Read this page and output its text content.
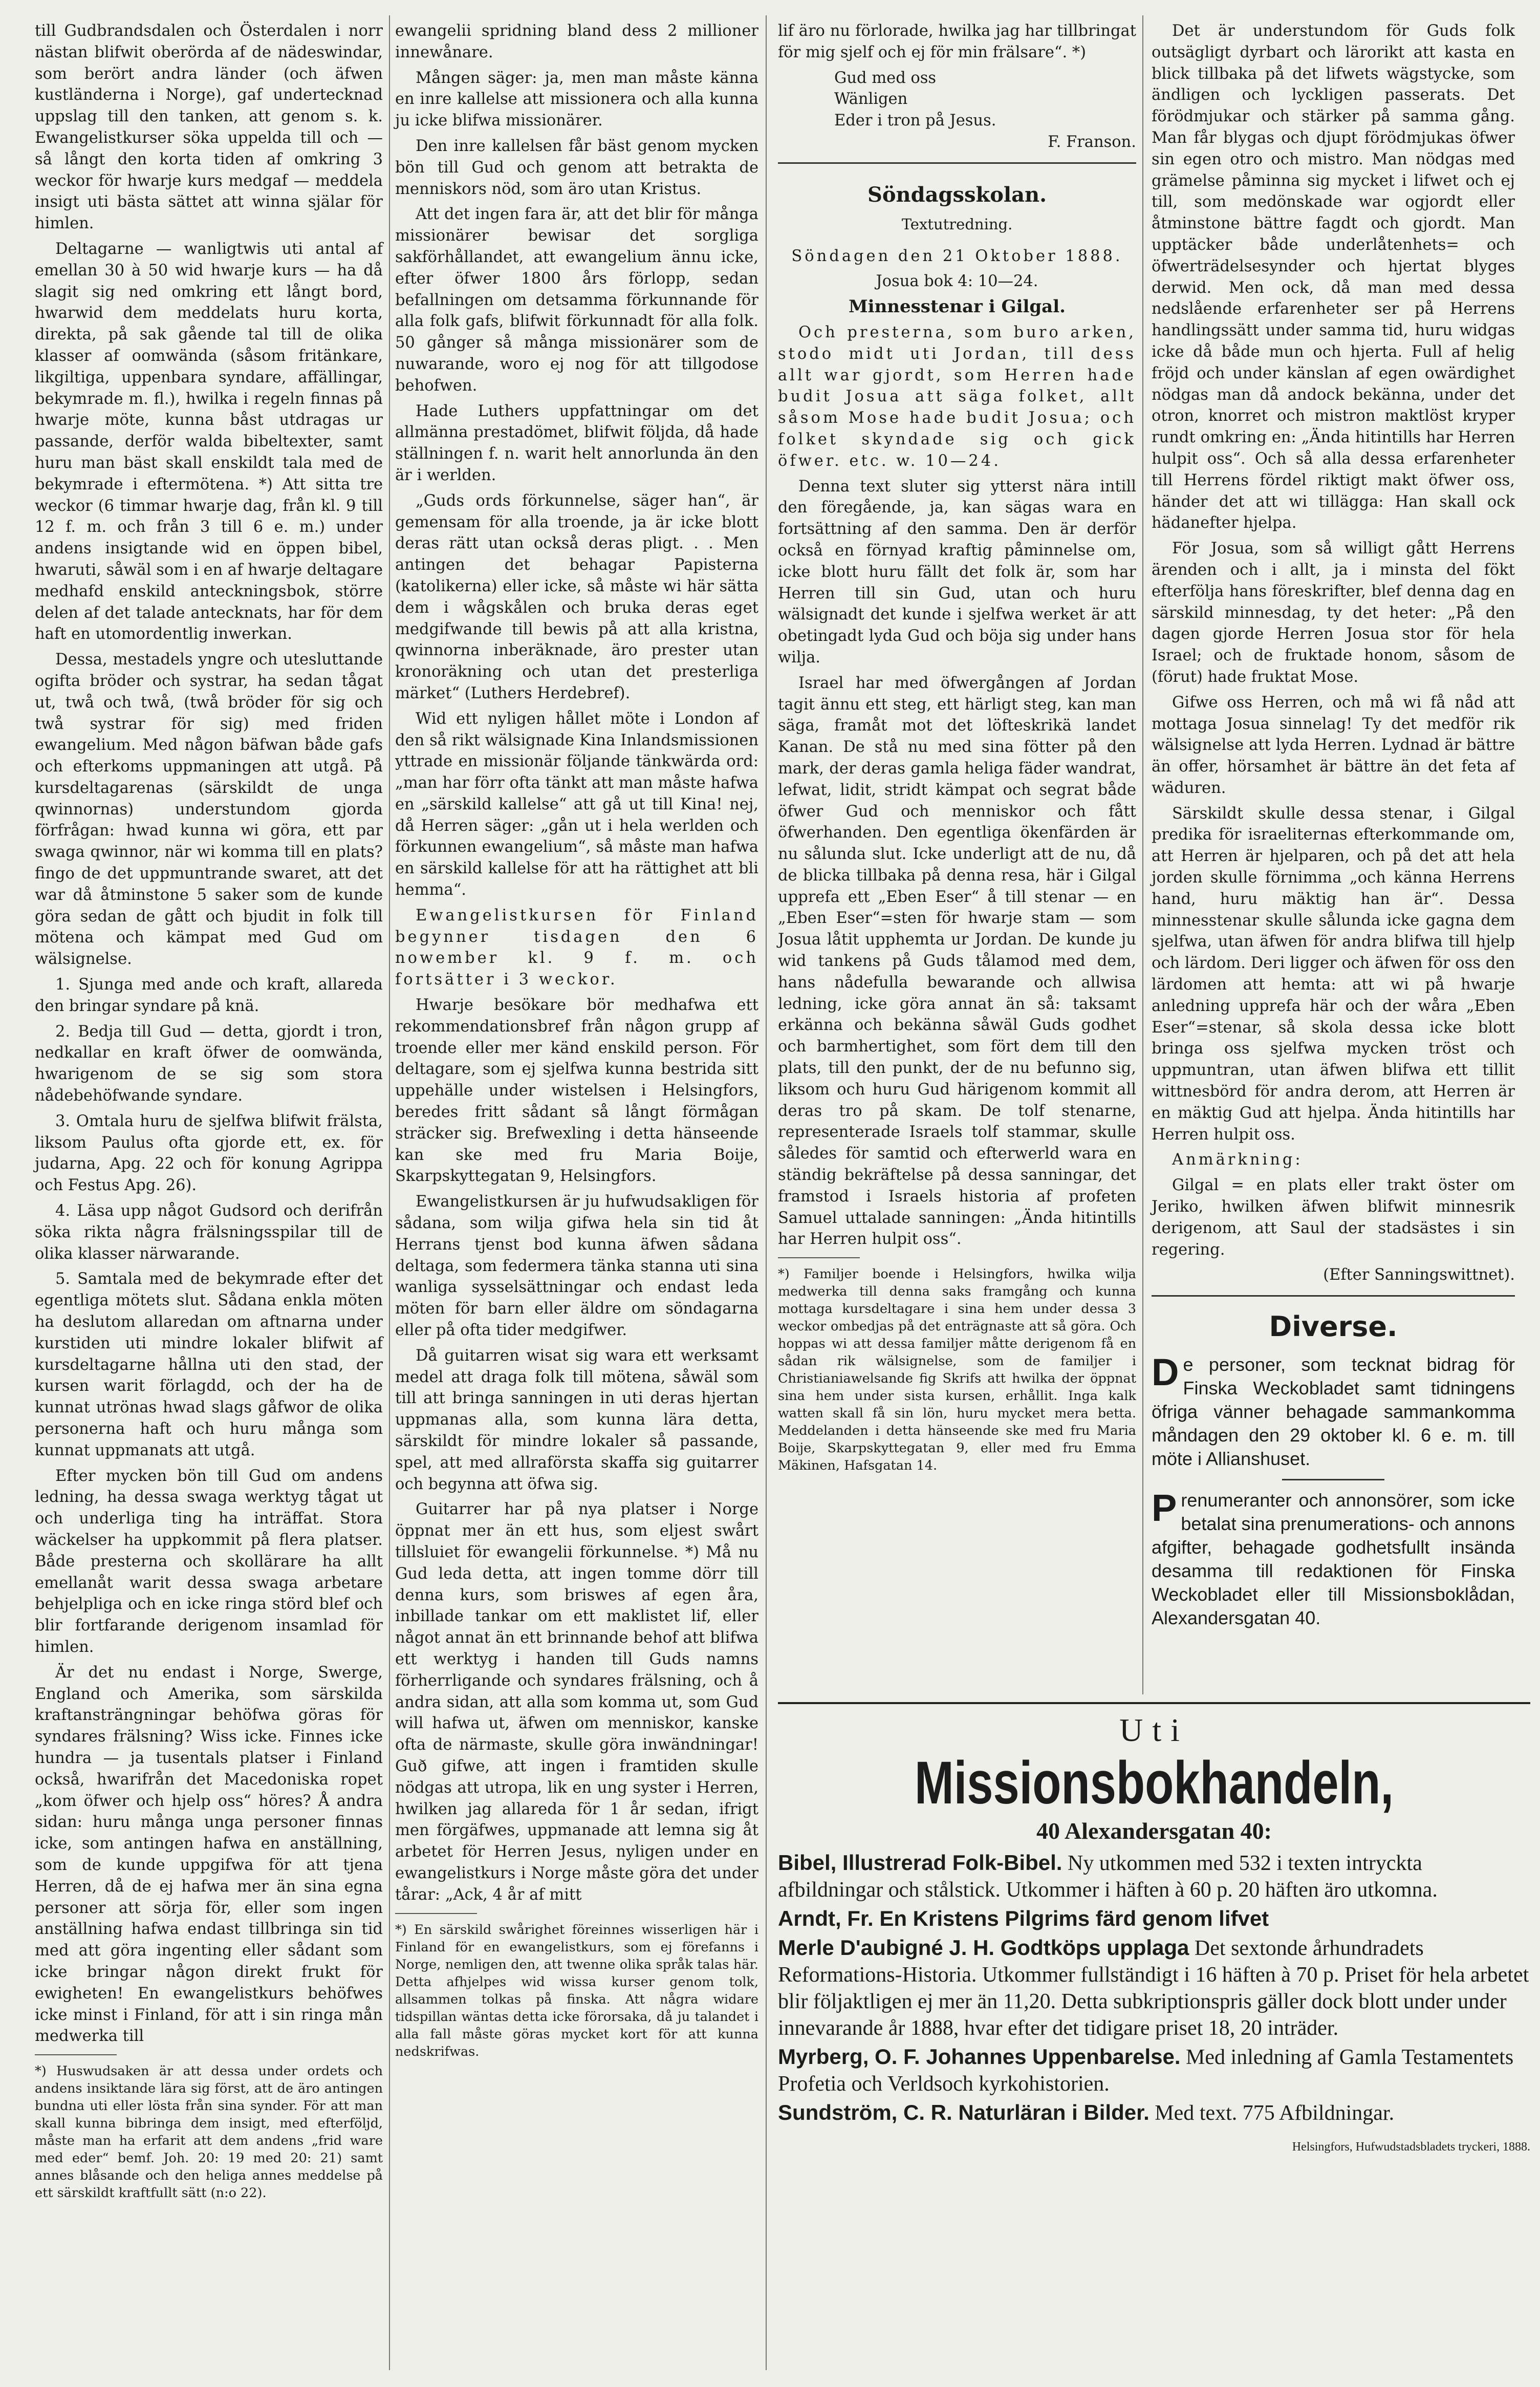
till Gudbrandsdalen och Österdalen i norr nästan blifwit oberörda af de nädeswindar, som berört andra länder (och äfwen kustländerna i Norge), gaf undertecknad uppslag till den tanken, att genom s. k. Ewangelistkurser söka uppelda till och — så långt den korta tiden af omkring 3 weckor för hwarje kurs medgaf — meddela insigt uti bästa sättet att winna själar för himlen.

Deltagarne — wanligtwis uti antal af emellan 30 à 50 wid hwarje kurs — ha då slagit sig ned omkring ett långt bord, hwarwid dem meddelats huru korta, direkta, på sak gående tal till de olika klasser af oomwända (såsom fritänkare, likgiltiga, uppenbara syndare, affällingar, bekymrade m. fl.), hwilka i regeln finnas på hwarje möte, kunna båst utdragas ur passande, derför walda bibeltexter, samt huru man bäst skall enskildt tala med de bekymrade i eftermötena. *) Att sitta tre weckor (6 timmar hwarje dag, från kl. 9 till 12 f. m. och från 3 till 6 e. m.) under andens insigtande wid en öppen bibel, hwaruti, såwäl som i en af hwarje deltagare medhafd enskild anteckningsbok, större delen af det talade antecknats, har för dem haft en utomordentlig inwerkan.

Dessa, mestadels yngre och utesluttande ogifta bröder och systrar, ha sedan tågat ut, twå och twå, (twå bröder för sig och twå systrar för sig) med friden ewangelium. Med någon bäfwan både gafs och efterkoms uppmaningen att utgå. På kursdeltagarenas (särskildt de unga qwinnornas) understundom gjorda förfrågan: hwad kunna wi göra, ett par swaga qwinnor, när wi komma till en plats? fingo de det uppmuntrande swaret, att det war då åtminstone 5 saker som de kunde göra sedan de gått och bjudit in folk till mötena och kämpat med Gud om wälsignelse.

1. Sjunga med ande och kraft, allareda den bringar syndare på knä.

2. Bedja till Gud — detta, gjordt i tron, nedkallar en kraft öfwer de oomwända, hwarigenom de se sig som stora nådebehöfwande syndare.

3. Omtala huru de sjelfwa blifwit frälsta, liksom Paulus ofta gjorde ett, ex. för judarna, Apg. 22 och för konung Agrippa och Festus Apg. 26).

4. Läsa upp något Gudsord och derifrån söka rikta några frälsningsspilar till de olika klasser närwarande.

5. Samtala med de bekymrade efter det egentliga mötets slut. Sådana enkla möten ha deslutom allaredan om aftnarna under kurstiden uti mindre lokaler blifwit af kursdeltagarne hållna uti den stad, der kursen warit förlagdd, och der ha de kunnat utrönas hwad slags gåfwor de olika personerna haft och huru många som kunnat uppmanats att utgå.

Efter mycken bön till Gud om andens ledning, ha dessa swaga werktyg tågat ut och underliga ting ha inträffat. Stora wäckelser ha uppkommit på flera platser. Både presterna och skollärare ha allt emellanåt warit dessa swaga arbetare behjelpliga och en icke ringa störd blef och blir fortfarande derigenom insamlad för himlen.

Är det nu endast i Norge, Swerge, England och Amerika, som särskilda kraftansträngningar behöfwa göras för syndares frälsning? Wiss icke. Finnes icke hundra — ja tusentals platser i Finland också, hwarifrån det Macedoniska ropet „kom öfwer och hjelp oss“ höres? Å andra sidan: huru många unga personer finnas icke, som antingen hafwa en anställning, som de kunde uppgifwa för att tjena Herren, då de ej hafwa mer än sina egna personer att sörja för, eller som ingen anställning hafwa endast tillbringa sin tid med att göra ingenting eller sådant som icke bringar någon direkt frukt för ewigheten! En ewangelistkurs behöfwes icke minst i Finland, för att i sin ringa mån medwerka till

*) Huswudsaken är att dessa under ordets och andens insiktande lära sig först, att de äro antingen bundna uti eller lösta från sina synder. För att man skall kunna bibringa dem insigt, med efterföljd, måste man ha erfarit att dem andens „frid ware med eder“ bemf. Joh. 20: 19 med 20: 21) samt annes blåsande och den heliga annes meddelse på ett särskildt kraftfullt sätt (n:o 22).

ewangelii spridning bland dess 2 millioner innewånare.

Mången säger: ja, men man måste känna en inre kallelse att missionera och alla kunna ju icke blifwa missionärer.

Den inre kallelsen får bäst genom mycken bön till Gud och genom att betrakta de menniskors nöd, som äro utan Kristus.

Att det ingen fara är, att det blir för många missionärer bewisar det sorgliga sakförhållandet, att ewangelium ännu icke, efter öfwer 1800 års förlopp, sedan befallningen om detsamma förkunnande för alla folk gafs, blifwit förkunnadt för alla folk. 50 gånger så många missionärer som de nuwarande, woro ej nog för att tillgodose behofwen.

Hade Luthers uppfattningar om det allmänna prestadömet, blifwit följda, då hade ställningen f. n. warit helt annorlunda än den är i werlden.

„Guds ords förkunnelse, säger han“, är gemensam för alla troende, ja är icke blott deras rätt utan också deras pligt. . . Men antingen det behagar Papisterna (katolikerna) eller icke, så måste wi här sätta dem i wågskålen och bruka deras eget medgifwande till bewis på att alla kristna, qwinnorna inberäknade, äro prester utan kronoräkning och utan det presterliga märket“ (Luthers Herdebref).

Wid ett nyligen hållet möte i London af den så rikt wälsignade Kina Inlandsmissionen yttrade en missionär följande tänkwärda ord: „man har förr ofta tänkt att man måste hafwa en „särskild kallelse“ att gå ut till Kina! nej, då Herren säger: „gån ut i hela werlden och förkunnen ewangelium“, så måste man hafwa en särskild kallelse för att ha rättighet att bli hemma“.

Ewangelistkursen för Finland begynner tisdagen den 6 nowember kl. 9 f. m. och fortsätter i 3 weckor.

Hwarje besökare bör medhafwa ett rekommendationsbref från någon grupp af troende eller mer känd enskild person. För deltagare, som ej sjelfwa kunna bestrida sitt uppehälle under wistelsen i Helsingfors, beredes fritt sådant så långt förmågan sträcker sig. Brefwexling i detta hänseende kan ske med fru Maria Boije, Skarpskyttegatan 9, Helsingfors.

Ewangelistkursen är ju hufwudsakligen för sådana, som wilja gifwa hela sin tid åt Herrans tjenst bod kunna äfwen sådana deltaga, som federmera tänka stanna uti sina wanliga sysselsättningar och endast leda möten för barn eller äldre om söndagarna eller på ofta tider medgifwer.

Då guitarren wisat sig wara ett werksamt medel att draga folk till mötena, såwäl som till att bringa sanningen in uti deras hjertan uppmanas alla, som kunna lära detta, särskildt för mindre lokaler så passande, spel, att med allraförsta skaffa sig guitarrer och begynna att öfwa sig.

Guitarrer har på nya platser i Norge öppnat mer än ett hus, som eljest swårt tillsluiet för ewangelii förkunnelse. *) Må nu Gud leda detta, att ingen tomme dörr till denna kurs, som briswes af egen åra, inbillade tankar om ett maklistet lif, eller något annat än ett brinnande behof att blifwa ett werktyg i handen till Guds namns förherrligande och syndares frälsning, och å andra sidan, att alla som komma ut, som Gud will hafwa ut, äfwen om menniskor, kanske ofta de närmaste, skulle göra inwändningar! Guð gifwe, att ingen i framtiden skulle nödgas att utropa, lik en ung syster i Herren, hwilken jag allareda för 1 år sedan, ifrigt men förgäfwes, uppmanade att lemna sig åt arbetet för Herren Jesus, nyligen under en ewangelistkurs i Norge måste göra det under tårar: „Ack, 4 år af mitt

*) En särskild swårighet föreinnes wisserligen här i Finland för en ewangelistkurs, som ej förefanns i Norge, nemligen den, att twenne olika språk talas här. Detta afhjelpes wid wissa kurser genom tolk, allsammen tolkas på finska. Att några widare tidspillan wäntas detta icke förorsaka, då ju talandet i alla fall måste göras mycket kort för att kunna nedskrifwas.

lif äro nu förlorade, hwilka jag har tillbringat för mig sjelf och ej för min frälsare“. *)

Gud med oss

Wänligen

Eder i tron på Jesus.

F. Franson.

Söndagsskolan.
Textutredning.

Söndagen den 21 Oktober 1888.

Josua bok 4: 10—24.

Minnesstenar i Gilgal.

Och presterna, som buro arken, stodo midt uti Jordan, till dess allt war gjordt, som Herren hade budit Josua att säga folket, allt såsom Mose hade budit Josua; och folket skyndade sig och gick öfwer. etc. w. 10—24.

Denna text sluter sig ytterst nära intill den föregående, ja, kan sägas wara en fortsättning af den samma. Den är derför också en förnyad kraftig påminnelse om, icke blott huru fällt det folk är, som har Herren till sin Gud, utan och huru wälsignadt det kunde i sjelfwa werket är att obetingadt lyda Gud och böja sig under hans wilja.

Israel har med öfwergången af Jordan tagit ännu ett steg, ett härligt steg, kan man säga, framåt mot det löfteskrikä landet Kanan. De stå nu med sina fötter på den mark, der deras gamla heliga fäder wandrat, lefwat, lidit, stridt kämpat och segrat både öfwer Gud och menniskor och fått öfwerhanden. Den egentliga ökenfärden är nu sålunda slut. Icke underligt att de nu, då de blicka tillbaka på denna resa, här i Gilgal upprefa ett „Eben Eser“ å till stenar — en „Eben Eser“=sten för hwarje stam — som Josua låtit upphemta ur Jordan. De kunde ju wid tankens på Guds tålamod med dem, hans nådefulla bewarande och allwisa ledning, icke göra annat än så: taksamt erkänna och bekänna såwäl Guds godhet och barmhertighet, som fört dem till den plats, till den punkt, der de nu befunno sig, liksom och huru Gud härigenom kommit all deras tro på skam. De tolf stenarne, representerade Israels tolf stammar, skulle således för samtid och efterwerld wara en ständig bekräftelse på dessa sanningar, det framstod i Israels historia af profeten Samuel uttalade sanningen: „Ända hitintills har Herren hulpit oss“.

*) Familjer boende i Helsingfors, hwilka wilja medwerka till denna saks framgång och kunna mottaga kursdeltagare i sina hem under dessa 3 weckor ombedjas på det enträgnaste att så göra. Och hoppas wi att dessa familjer måtte derigenom få en sådan rik wälsignelse, som de familjer i Christianiawelsande fig Skrifs att hwilka der öppnat sina hem under sista kursen, erhållit. Inga kalk watten skall få sin lön, huru mycket mera betta. Meddelanden i detta hänseende ske med fru Maria Boije, Skarpskyttegatan 9, eller med fru Emma Mäkinen, Hafsgatan 14.

Det är understundom för Guds folk outsägligt dyrbart och lärorikt att kasta en blick tillbaka på det lifwets wägstycke, som ändligen och lyckligen passerats. Det förödmjukar och stärker på samma gång. Man får blygas och djupt förödmjukas öfwer sin egen otro och mistro. Man nödgas med grämelse påminna sig mycket i lifwet och ej till, som medönskade war ogjordt eller åtminstone bättre fagdt och gjordt. Man upptäcker både underlåtenhets= och öfwerträdelsesynder och hjertat blyges derwid. Men ock, då man med dessa nedslående erfarenheter ser på Herrens handlingssätt under samma tid, huru widgas icke då både mun och hjerta. Full af helig fröjd och under känslan af egen owärdighet nödgas man då andock bekänna, under det otron, knorret och mistron maktlöst kryper rundt omkring en: „Ända hitintills har Herren hulpit oss“. Och så alla dessa erfarenheter till Herrens fördel riktigt makt öfwer oss, händer det att wi tillägga: Han skall ock hädanefter hjelpa.

För Josua, som så willigt gått Herrens ärenden och i allt, ja i minsta del fökt efterfölja hans föreskrifter, blef denna dag en särskild minnesdag, ty det heter: „På den dagen gjorde Herren Josua stor för hela Israel; och de fruktade honom, såsom de (förut) hade fruktat Mose.

Gifwe oss Herren, och må wi få nåd att mottaga Josua sinnelag! Ty det medför rik wälsignelse att lyda Herren. Lydnad är bättre än offer, hörsamhet är bättre än det feta af wäduren.

Särskildt skulle dessa stenar, i Gilgal predika för israeliternas efterkommande om, att Herren är hjelparen, och på det att hela jorden skulle förnimma „och känna Herrens hand, huru mäktig han är“. Dessa minnesstenar skulle sålunda icke gagna dem sjelfwa, utan äfwen för andra blifwa till hjelp och lärdom. Deri ligger och äfwen för oss den lärdomen att hemta: att wi på hwarje anledning upprefa här och der wåra „Eben Eser“=stenar, så skola dessa icke blott bringa oss sjelfwa mycken tröst och uppmuntran, utan äfwen blifwa ett tillit wittnesbörd för andra derom, att Herren är en mäktig Gud att hjelpa. Ända hitintills har Herren hulpit oss.

Anmärkning:

Gilgal = en plats eller trakt öster om Jeriko, hwilken äfwen blifwit minnesrik derigenom, att Saul der stadsästes i sin regering.

(Efter Sanningswittnet).

Diverse.
De personer, som tecknat bidrag för Finska Weckobladet samt tidningens öfriga vänner behagade sammankomma måndagen den 29 oktober kl. 6 e. m. till möte i Allianshuset.
Prenumeranter och annonsörer, som icke betalat sina prenumerations- och annons afgifter, behagade godhetsfullt insända desamma till redaktionen för Finska Weckobladet eller till Missionsboklådan, Alexandersgatan 40.
Uti
Missionsbokhandeln,
40 Alexandersgatan 40:
Bibel, Illustrerad Folk-Bibel. Ny utkommen med 532 i texten intryckta afbildningar och stålstick. Utkommer i häften à 60 p. 20 häften äro utkomna.
Arndt, Fr. En Kristens Pilgrims färd genom lifvet
Merle D'aubigné J. H. Godtköps upplaga Det sextonde århundradets Reformations-Historia. Utkommer fullständigt i 16 häften à 70 p. Priset för hela arbetet blir följaktligen ej mer än 11,20. Detta subkriptionspris gäller dock blott under under innevarande år 1888, hvar efter det tidigare priset 18, 20 inträder.
Myrberg, O. F. Johannes Uppenbarelse. Med inledning af Gamla Testamentets Profetia och Verldsoch kyrkohistorien.
Sundström, C. R. Naturläran i Bilder. Med text. 775 Afbildningar.
Helsingfors, Hufwudstadsbladets tryckeri, 1888.
